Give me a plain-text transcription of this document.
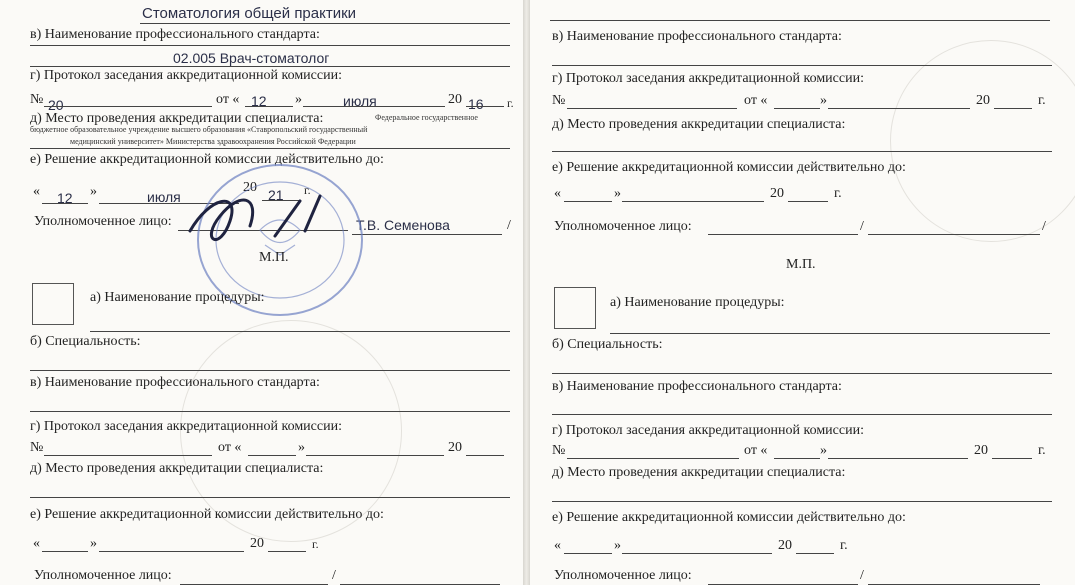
Стоматология общей практики
в) Наименование профессионального стандарта:
02.005 Врач-стоматолог
г) Протокол заседания аккредитационной комиссии:
№ 20	от « 12 »	июля	20 16 г.
д) Место проведения аккредитации специалиста:	Федеральное государственное
бюджетное образовательное учреждение высшего образования «Ставропольский государственный
медицинский университет» Министерства здравоохранения Российской Федерации
е) Решение аккредитационной комиссии действительно до:
« 12 »	июля
20 21 г.
Уполномоченное лицо:	Т.В. Семенова	/
М.П.
а) Наименование процедуры:
б) Специальность:
в) Наименование профессионального стандарта:
г) Протокол заседания аккредитационной комиссии:
№	от «	»	20
д) Место проведения аккредитации специалиста:
е) Решение аккредитационной комиссии действительно до:
«	»	20	г.
Уполномоченное лицо:	/
в) Наименование профессионального стандарта:
г) Протокол заседания аккредитационной комиссии:
№	от «	»	20	г.
д) Место проведения аккредитации специалиста:
е) Решение аккредитационной комиссии действительно до:
«	»	20	г.
Уполномоченное лицо:	/	/
М.П.
а) Наименование процедуры:
б) Специальность:
в) Наименование профессионального стандарта:
г) Протокол заседания аккредитационной комиссии:
№	от «	»	20	г.
д) Место проведения аккредитации специалиста:
е) Решение аккредитационной комиссии действительно до:
«	»	20	г.
Уполномоченное лицо:	/
